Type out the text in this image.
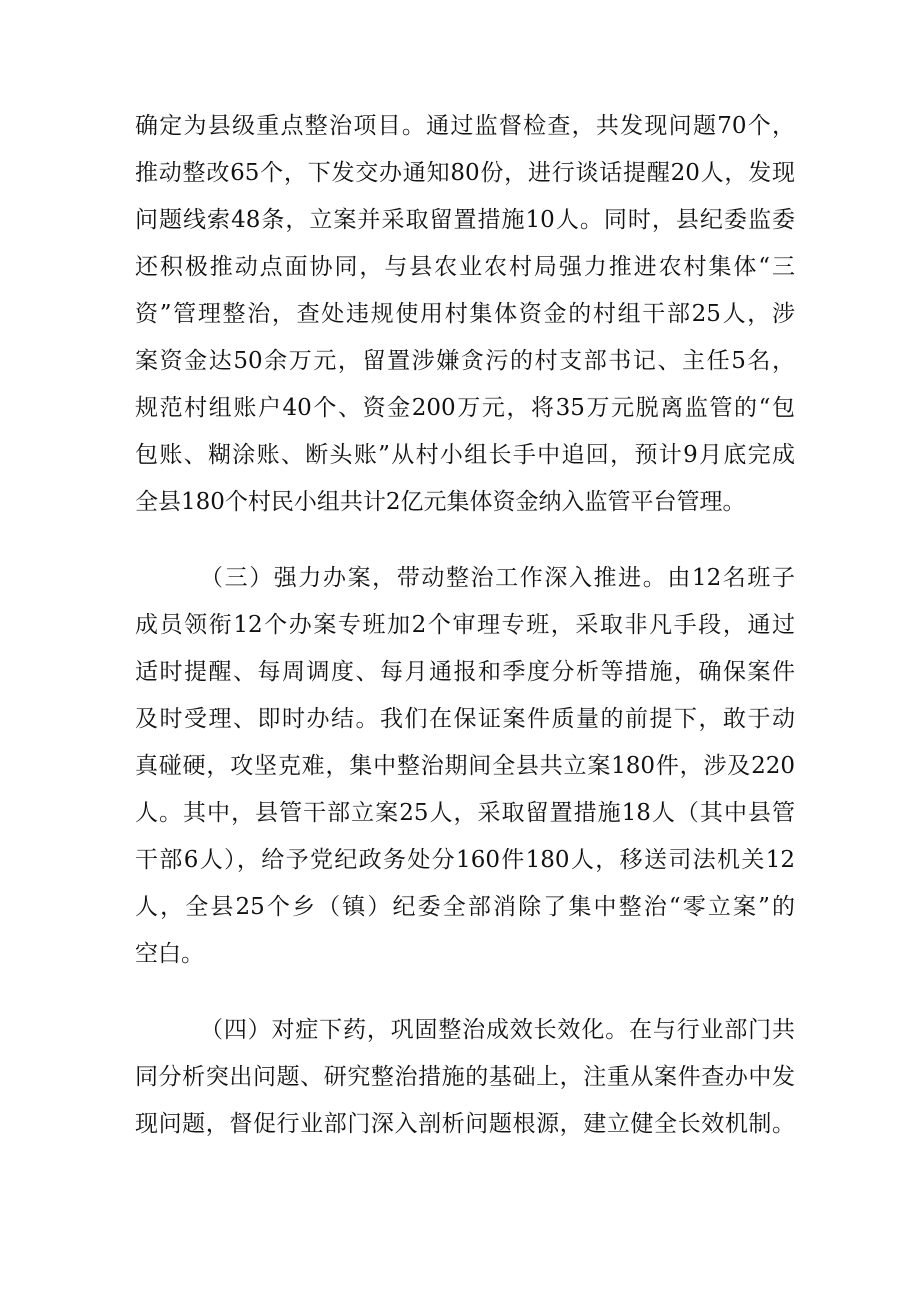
确定为县级重点整治项目。通过监督检查，共发现问题70个，
推动整改65个，下发交办通知80份，进行谈话提醒20人，发现
问题线索48条，立案并采取留置措施10人。同时，县纪委监委
还积极推动点面协同，与县农业农村局强力推进农村集体“三
资”管理整治，查处违规使用村集体资金的村组干部25人，涉
案资金达50余万元，留置涉嫌贪污的村支部书记、主任5名，
规范村组账户40个、资金200万元，将35万元脱离监管的“包
包账、糊涂账、断头账”从村小组长手中追回，预计9月底完成
全县180个村民小组共计2亿元集体资金纳入监管平台管理。
（三）强力办案，带动整治工作深入推进。由12名班子
成员领衔12个办案专班加2个审理专班，采取非凡手段，通过
适时提醒、每周调度、每月通报和季度分析等措施，确保案件
及时受理、即时办结。我们在保证案件质量的前提下，敢于动
真碰硬，攻坚克难，集中整治期间全县共立案180件，涉及220
人。其中，县管干部立案25人，采取留置措施18人（其中县管
干部6人），给予党纪政务处分160件180人，移送司法机关12
人，全县25个乡（镇）纪委全部消除了集中整治“零立案”的
空白。
（四）对症下药，巩固整治成效长效化。在与行业部门共
同分析突出问题、研究整治措施的基础上，注重从案件查办中发
现问题，督促行业部门深入剖析问题根源，建立健全长效机制。
